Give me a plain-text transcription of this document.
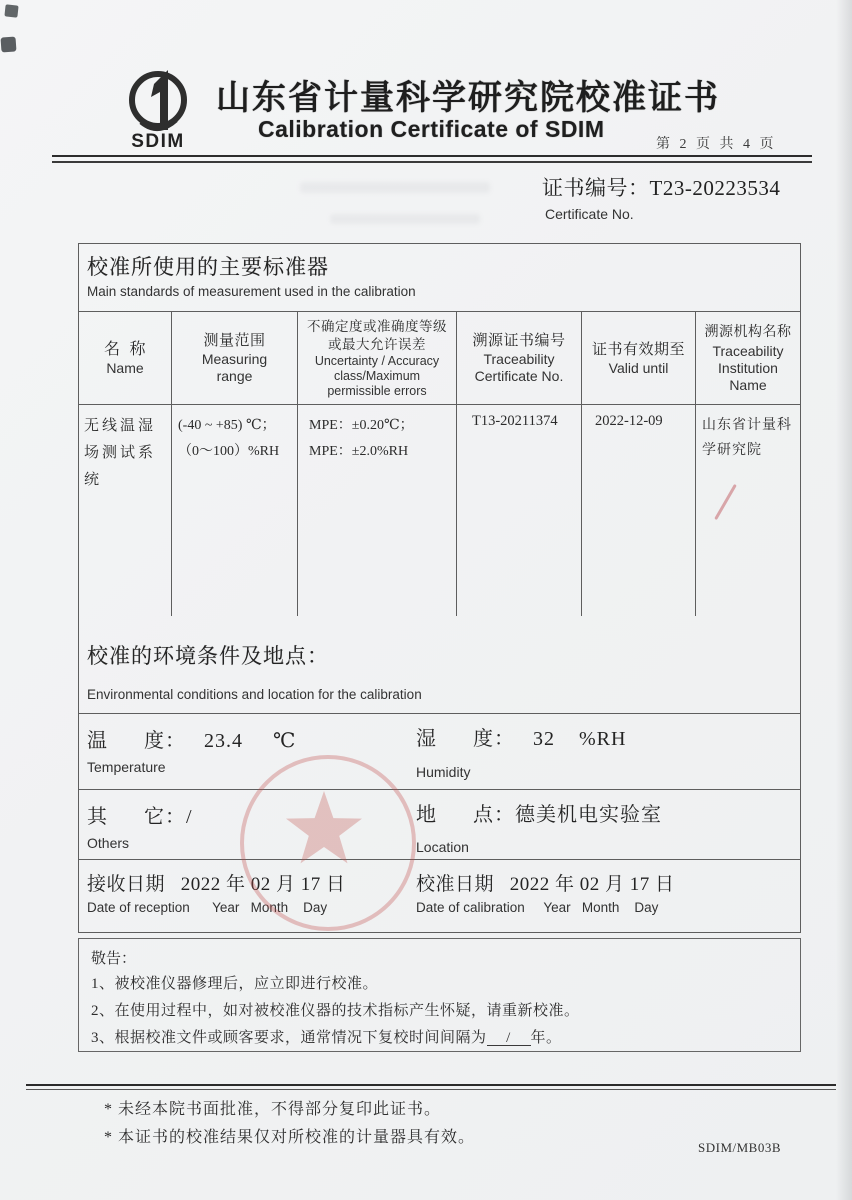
SDIM
山东省计量科学研究院校准证书
Calibration Certificate of SDIM
第 2 页 共 4 页
证书编号：T23-20223534
Certificate No.
校准所使用的主要标准器
Main standards of measurement used in the calibration
名  称
Name
测量范围
Measuring range
不确定度或准确度等级或最大允许误差
Uncertainty / Accuracy class/Maximum permissible errors
溯源证书编号
Traceability Certificate No.
证书有效期至
Valid until
溯源机构名称
Traceability Institution Name
无线温湿场测试系统
(-40 ~ +85) ℃；
（0～100）%RH
MPE：±0.20℃；
MPE：±2.0%RH
T13-20211374	2022-12-09	山东省计量科学研究院
校准的环境条件及地点：
Environmental conditions and location for the calibration
温      度：   23.4     ℃
Temperature
湿      度：   32    %RH
Humidity
其      它：/
Others
地      点：德美机电实验室
Location
接收日期   2022 年 02 月 17 日
Date of reception      Year   Month    Day
校准日期   2022 年 02 月 17 日
Date of calibration     Year   Month    Day
敬告：
1、被校准仪器修理后，应立即进行校准。
2、在使用过程中，如对被校准仪器的技术指标产生怀疑，请重新校准。
3、根据校准文件或顾客要求，通常情况下复校时间间隔为 / 年。
* 未经本院书面批准，不得部分复印此证书。
* 本证书的校准结果仅对所校准的计量器具有效。
SDIM/MB03B
